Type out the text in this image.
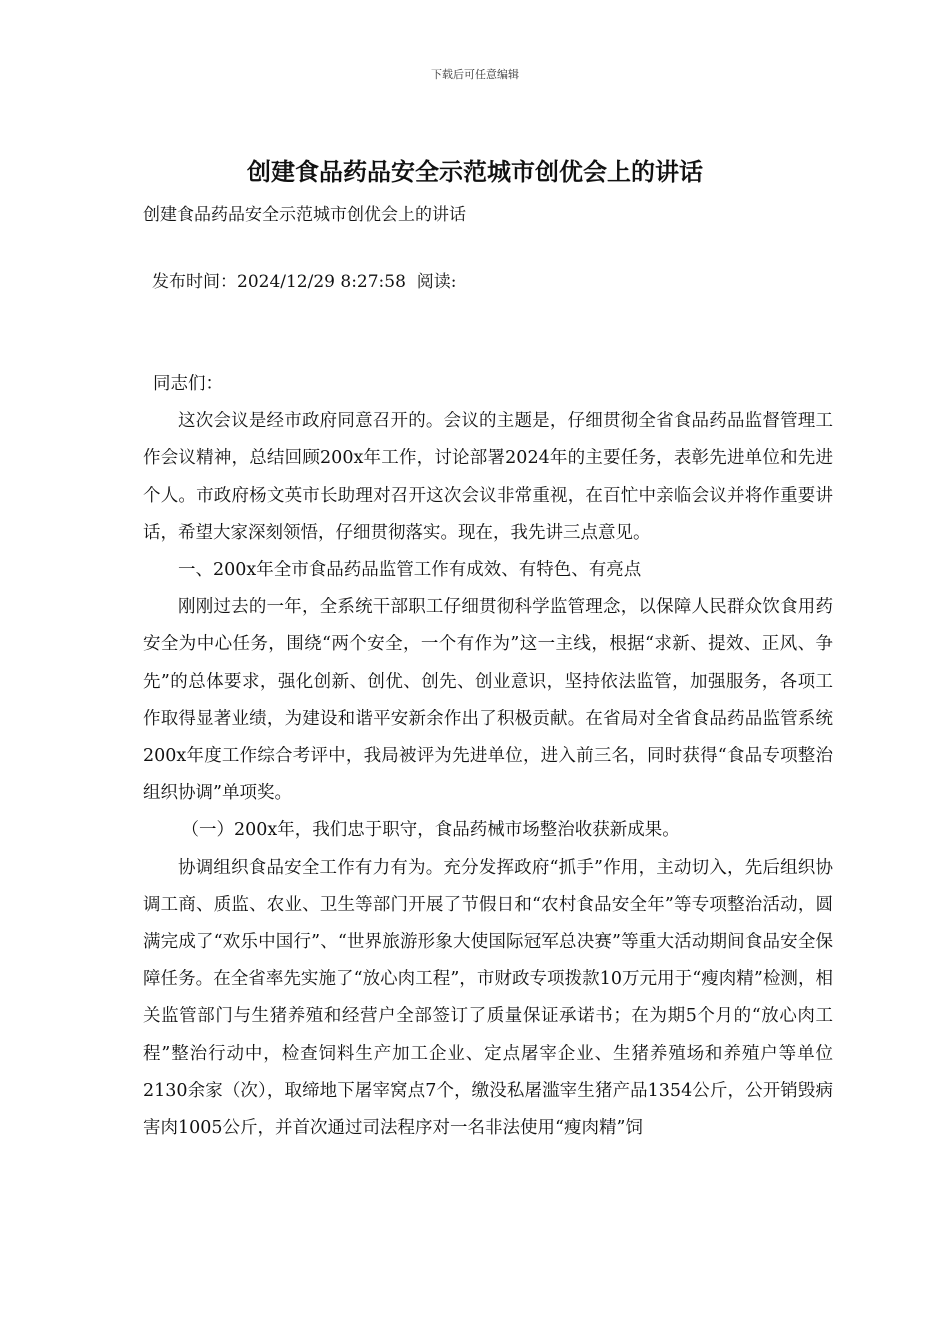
下载后可任意编辑
创建食品药品安全示范城市创优会上的讲话
创建食品药品安全示范城市创优会上的讲话
发布时间：2024/12/29 8:27:58  阅读:

同志们：

这次会议是经市政府同意召开的。会议的主题是，仔细贯彻全省食品药品监督管理工作会议精神，总结回顾200x年工作，讨论部署2024年的主要任务，表彰先进单位和先进个人。市政府杨文英市长助理对召开这次会议非常重视，在百忙中亲临会议并将作重要讲话，希望大家深刻领悟，仔细贯彻落实。现在，我先讲三点意见。

一、200x年全市食品药品监管工作有成效、有特色、有亮点

刚刚过去的一年，全系统干部职工仔细贯彻科学监管理念，以保障人民群众饮食用药安全为中心任务，围绕“两个安全，一个有作为”这一主线，根据“求新、提效、正风、争先”的总体要求，强化创新、创优、创先、创业意识，坚持依法监管，加强服务，各项工作取得显著业绩，为建设和谐平安新余作出了积极贡献。在省局对全省食品药品监管系统200x年度工作综合考评中，我局被评为先进单位，进入前三名，同时获得“食品专项整治组织协调”单项奖。

（一）200x年，我们忠于职守，食品药械市场整治收获新成果。

协调组织食品安全工作有力有为。充分发挥政府“抓手”作用，主动切入，先后组织协调工商、质监、农业、卫生等部门开展了节假日和“农村食品安全年”等专项整治活动，圆满完成了“欢乐中国行”、“世界旅游形象大使国际冠军总决赛”等重大活动期间食品安全保障任务。在全省率先实施了“放心肉工程”，市财政专项拨款10万元用于“瘦肉精”检测，相关监管部门与生猪养殖和经营户全部签订了质量保证承诺书；在为期5个月的“放心肉工程”整治行动中，检查饲料生产加工企业、定点屠宰企业、生猪养殖场和养殖户等单位2130余家（次），取缔地下屠宰窝点7个，缴没私屠滥宰生猪产品1354公斤，公开销毁病害肉1005公斤，并首次通过司法程序对一名非法使用“瘦肉精”饲
